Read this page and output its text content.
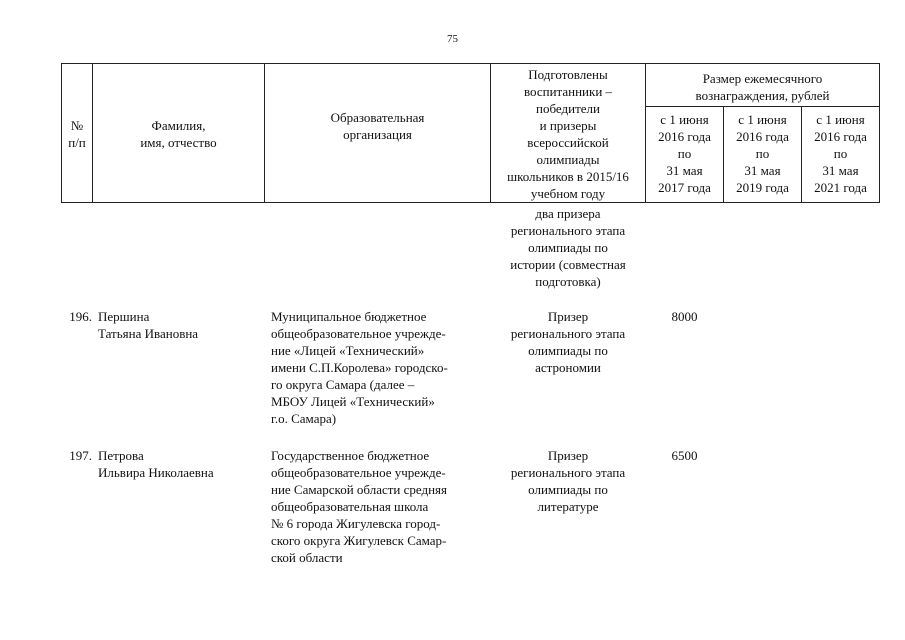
75
№
п/п
Фамилия,
имя, отчество
Образовательная
организация
Подготовлены
воспитанники –
победители
и призеры
всероссийской
олимпиады
школьников в 2015/16
учебном году
Размер ежемесячного
вознаграждения, рублей
с 1 июня
2016 года
по
31 мая
2017 года
с 1 июня
2016 года
по
31 мая
2019 года
с 1 июня
2016 года
по
31 мая
2021 года
два призера
регионального этапа
олимпиады по
истории (совместная
подготовка)
196. Першина
Татьяна Ивановна
Муниципальное бюджетное
общеобразовательное учрежде-
ние «Лицей «Технический»
имени С.П.Королева» городско-
го округа Самара (далее –
МБОУ Лицей «Технический»
г.о. Самара)
Призер
регионального этапа
олимпиады по
астрономии
8000
197. Петрова
Ильвира Николаевна
Государственное бюджетное
общеобразовательное учрежде-
ние Самарской области средняя
общеобразовательная школа
№ 6 города Жигулевска город-
ского округа Жигулевск Самар-
ской области
Призер
регионального этапа
олимпиады по
литературе
6500
